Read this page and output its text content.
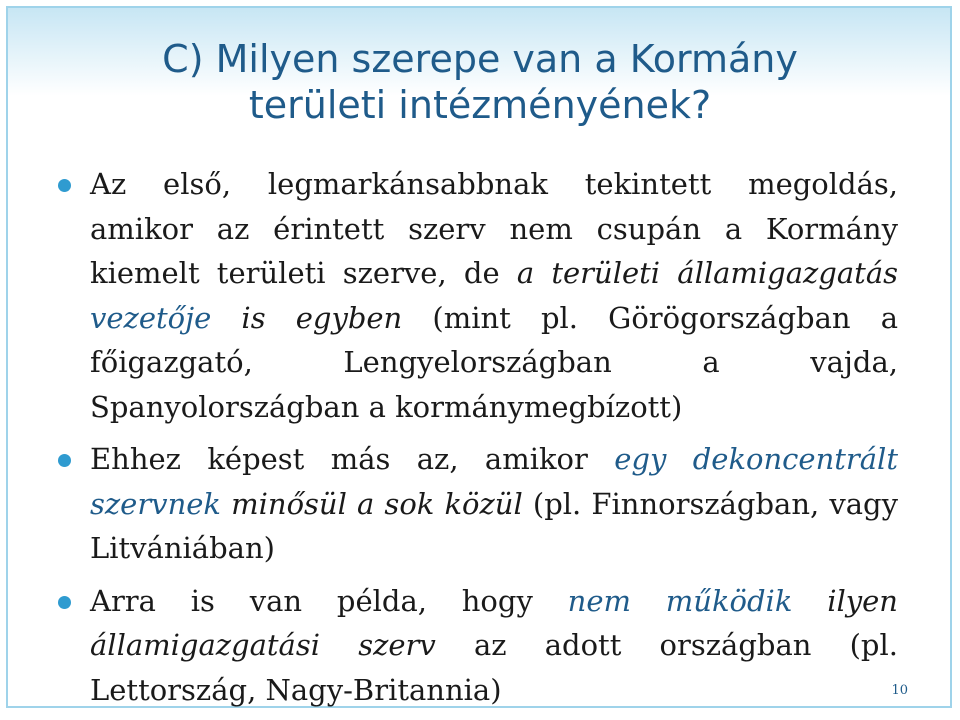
C) Milyen szerepe van a Kormány
területi intézményének?
Az első, legmarkánsabbnak tekintett megoldás, amikor az érintett szerv nem csupán a Kormány kiemelt területi szerve, de a területi államigazgatás vezetője is egyben (mint pl. Görögországban a főigazgató, Lengyelországban a vajda, Spanyolországban a kormánymegbízott)
Ehhez képest más az, amikor egy dekoncentrált szervnek minősül a sok közül (pl. Finnországban, vagy Litvániában)
Arra is van példa, hogy nem működik ilyen államigazgatási szerv az adott országban (pl. Lettország, Nagy-Britannia)	10
